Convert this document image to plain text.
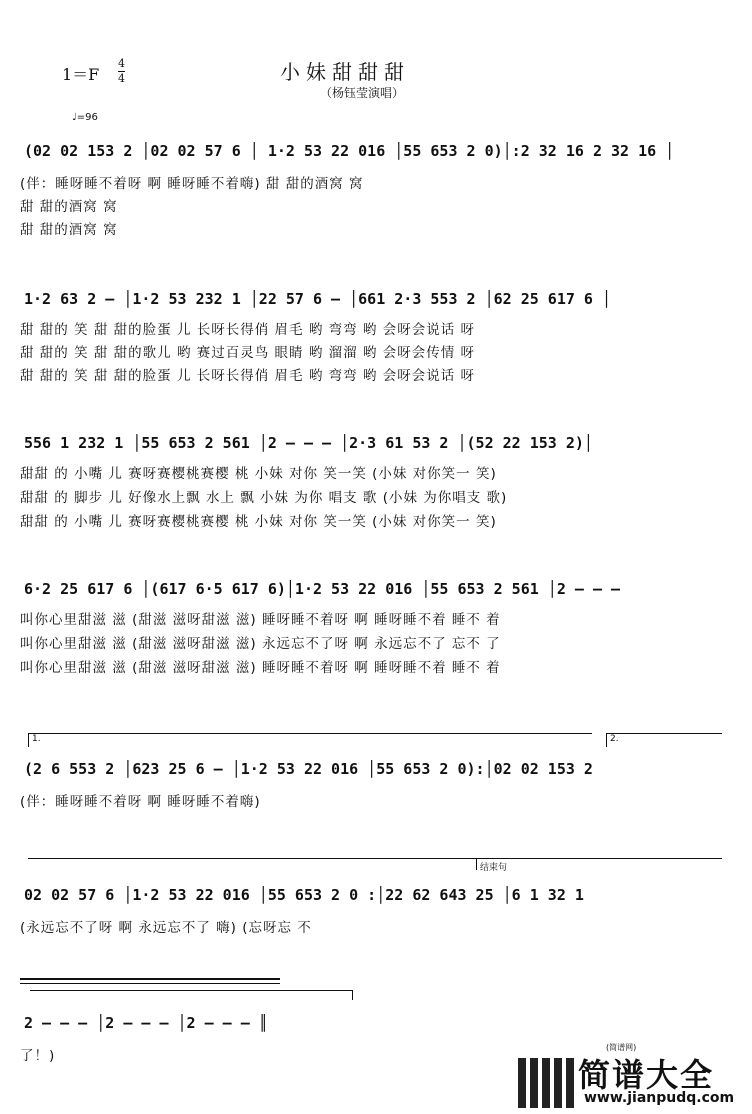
1＝F
4
4	小妹甜甜甜
（杨钰莹演唱）
♩=96
(02 02 153 2 │02 02 57 6 │ 1·2 53 22 016 │55 653 2 0)│:2 32 16 2 32 16 │
(伴：睡呀睡不着呀 啊 睡呀睡不着嗨) 甜 甜的酒窝 窝
甜 甜的酒窝 窝
甜 甜的酒窝 窝
1·2 63 2 – │1·2 53 232 1 │22 57 6 – │661 2·3 553 2 │62 25 617 6 │
甜 甜的 笑 甜 甜的脸蛋 儿 长呀长得俏 眉毛 哟 弯弯 哟 会呀会说话 呀
甜 甜的 笑 甜 甜的歌儿 哟 赛过百灵鸟 眼睛 哟 溜溜 哟 会呀会传情 呀
甜 甜的 笑 甜 甜的脸蛋 儿 长呀长得俏 眉毛 哟 弯弯 哟 会呀会说话 呀
556 1 232 1 │55 653 2 561 │2 – – – │2·3 61 53 2 │(52 22 153 2)│
甜甜 的 小嘴 儿 赛呀赛樱桃赛樱 桃 小妹 对你 笑一笑 (小妹 对你笑一 笑)
甜甜 的 脚步 儿 好像水上飘 水上 飘 小妹 为你 唱支 歌 (小妹 为你唱支 歌)
甜甜 的 小嘴 儿 赛呀赛樱桃赛樱 桃 小妹 对你 笑一笑 (小妹 对你笑一 笑)
6·2 25 617 6 │(617 6·5 617 6)│1·2 53 22 016 │55 653 2 561 │2 – – –
叫你心里甜滋 滋 (甜滋 滋呀甜滋 滋) 睡呀睡不着呀 啊 睡呀睡不着 睡不 着
叫你心里甜滋 滋 (甜滋 滋呀甜滋 滋) 永远忘不了呀 啊 永远忘不了 忘不 了
叫你心里甜滋 滋 (甜滋 滋呀甜滋 滋) 睡呀睡不着呀 啊 睡呀睡不着 睡不 着
1.	2.
(2 6 553 2 │623 25 6 – │1·2 53 22 016 │55 653 2 0):│02 02 153 2
(伴：睡呀睡不着呀 啊 睡呀睡不着嗨)
结束句
02 02 57 6 │1·2 53 22 016 │55 653 2 0 :│22 62 643 25 │6 1 32 1
(永远忘不了呀 啊 永远忘不了 嗨) (忘呀忘 不
2 – – – │2 – – – │2 – – – ║
了！)
(简谱网)
简谱大全
www.jianpudq.com
